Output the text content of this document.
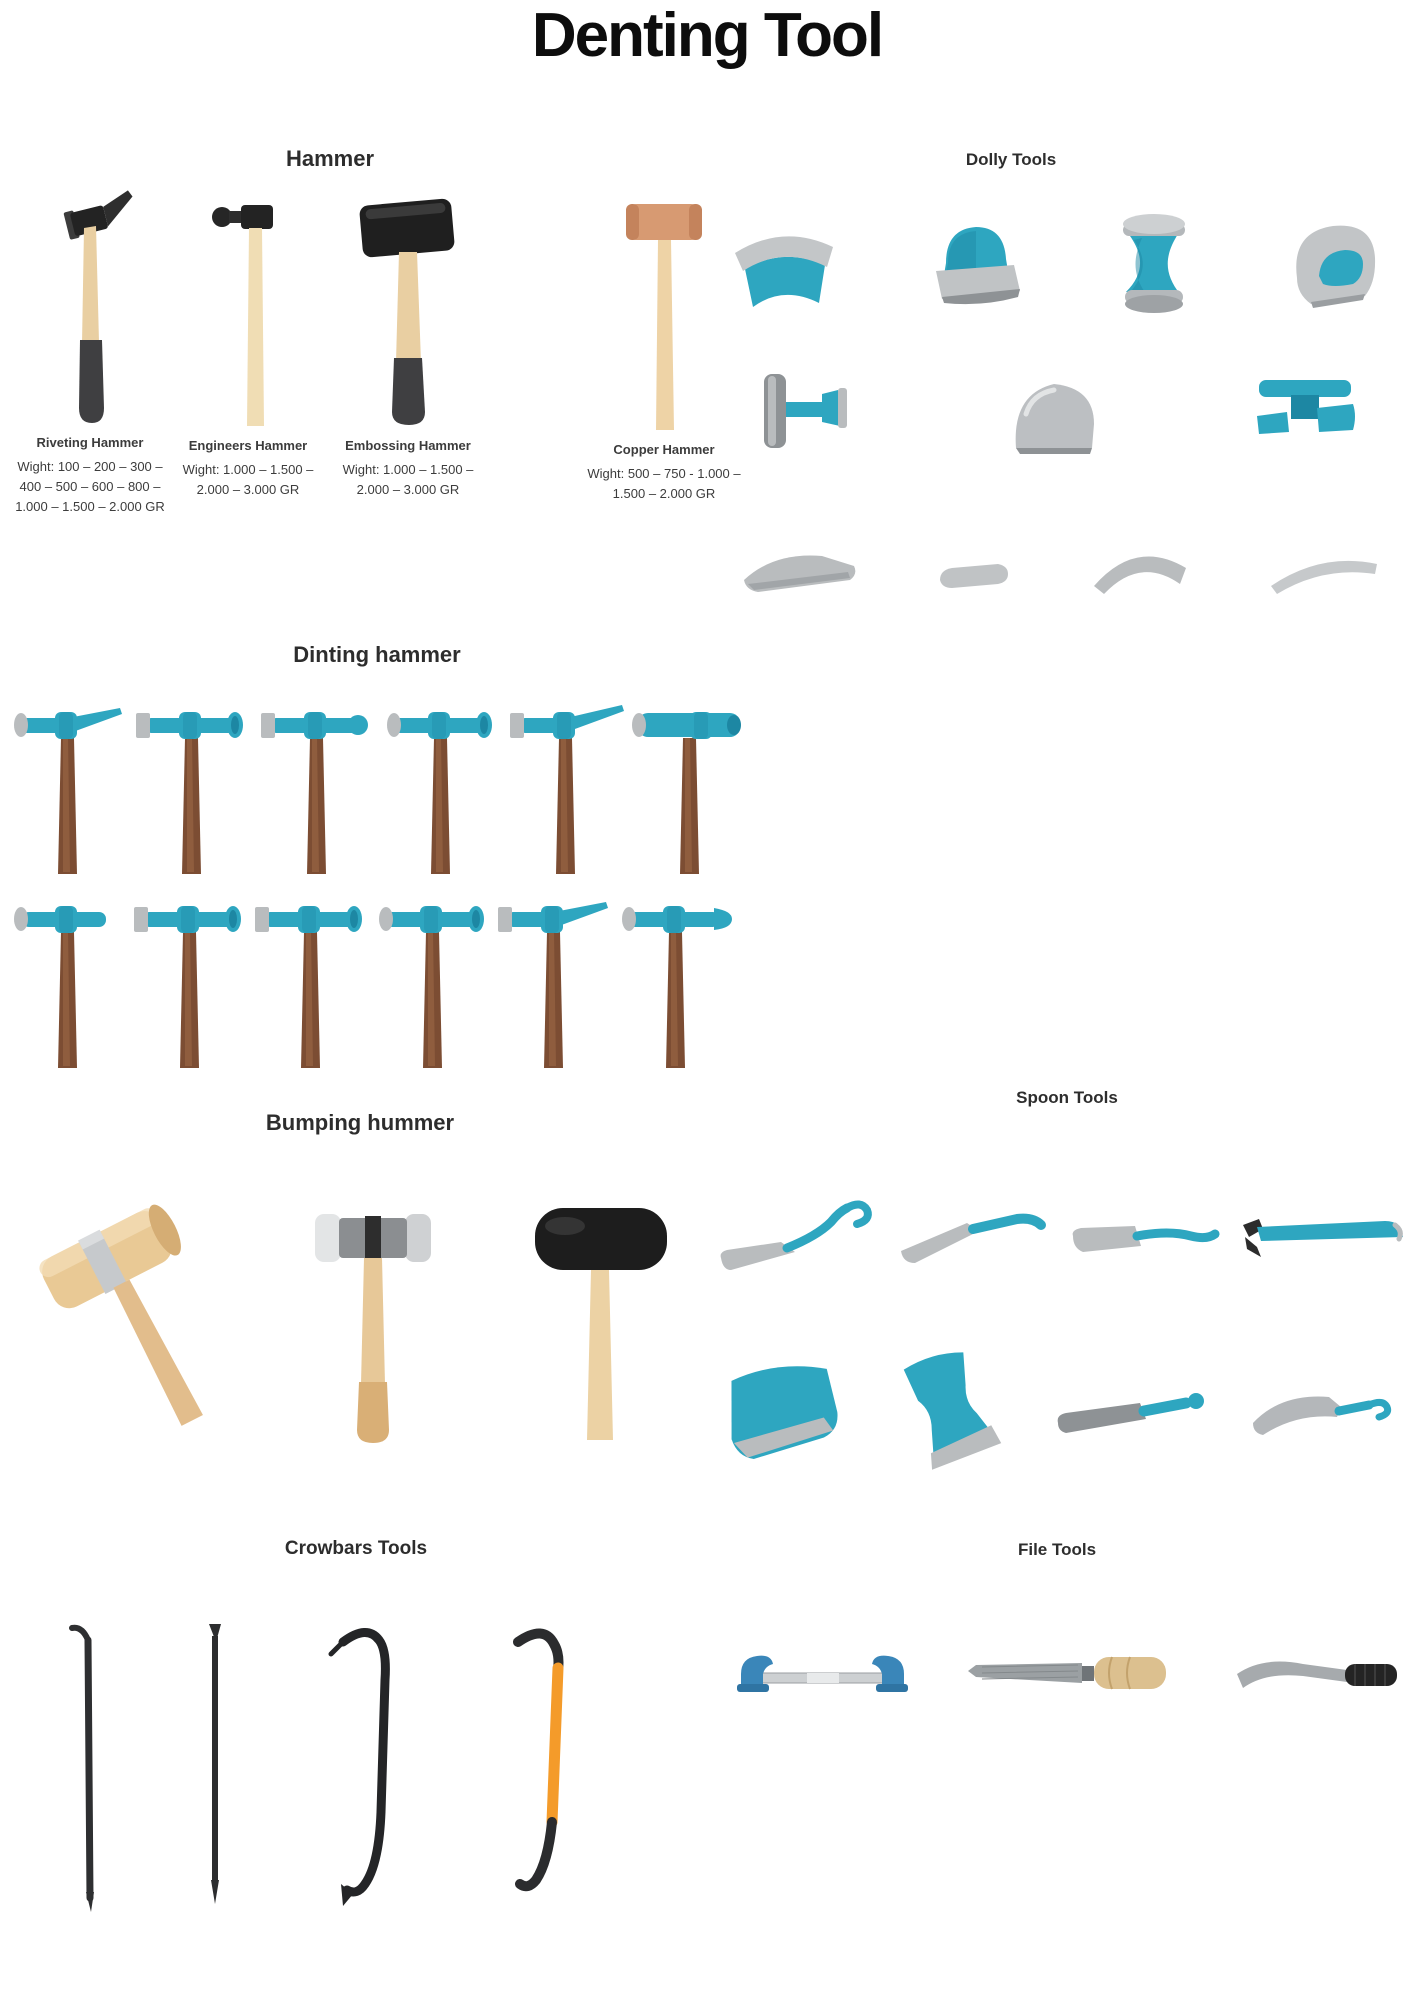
Denting Tool
Hammer	Dolly Tools
Dinting hammer
Spoon Tools
Bumping hummer
Crowbars Tools	File Tools
Riveting Hammer
Wight: 100 – 200 – 300 – 400 – 500 – 600 – 800 – 1.000 – 1.500 – 2.000 GR
Engineers Hammer
Wight: 1.000 – 1.500 – 2.000 – 3.000 GR
Embossing Hammer
Wight: 1.000 – 1.500 – 2.000 – 3.000 GR
Copper Hammer
Wight: 500 – 750 - 1.000 – 1.500 – 2.000 GR
